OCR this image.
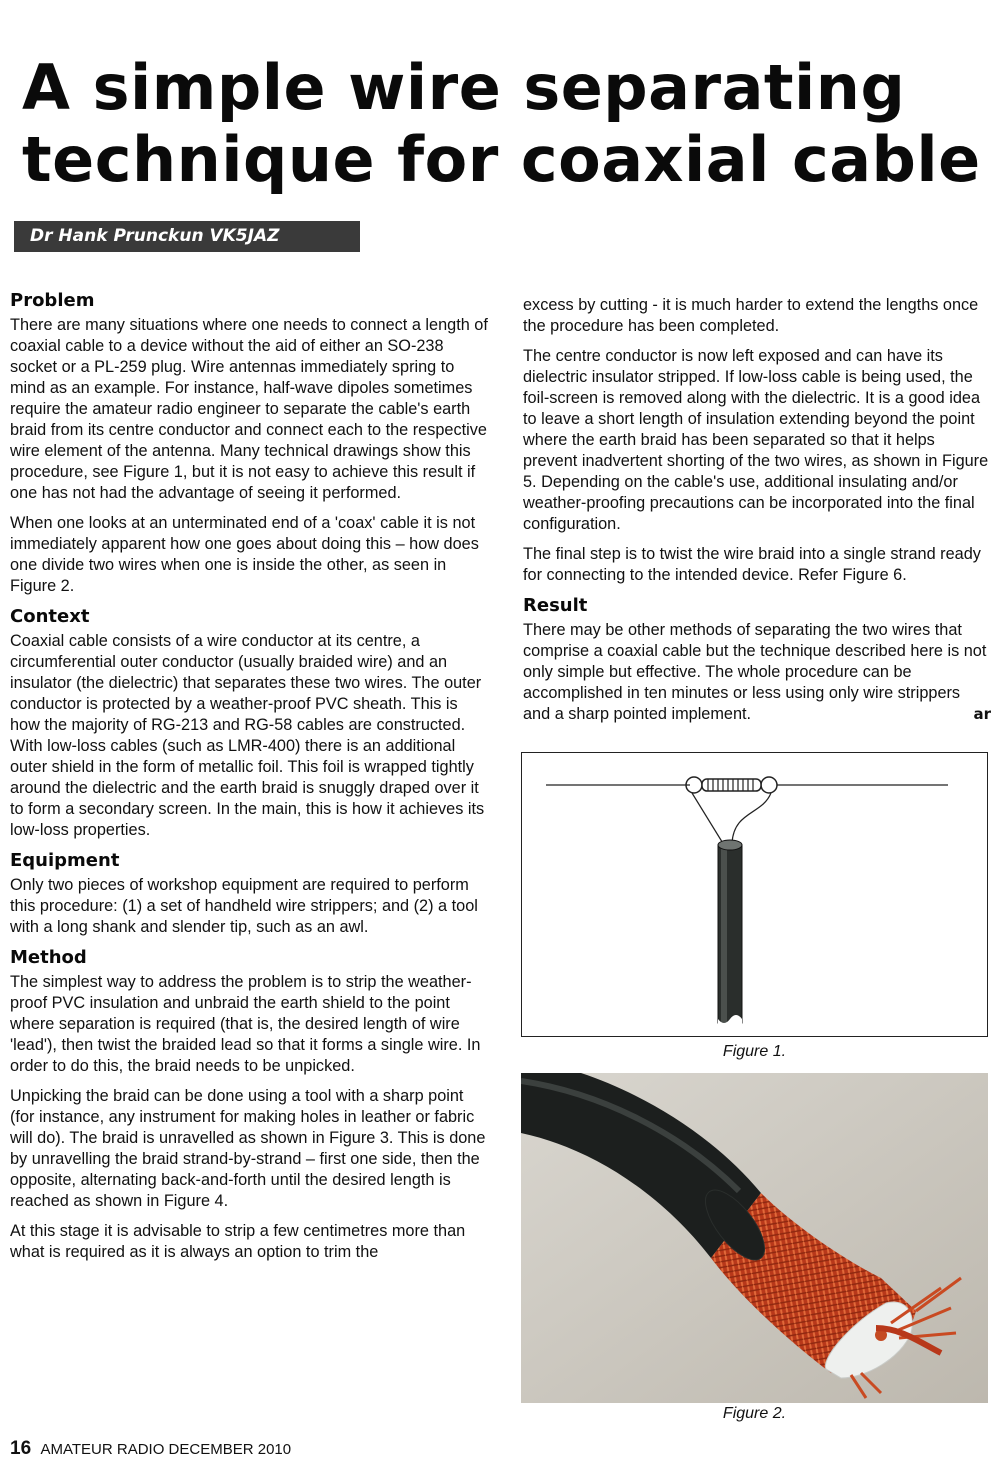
A simple wire separating
technique for coaxial cable
Dr Hank Prunckun VK5JAZ
Problem

There are many situations where one needs to connect a length of coaxial cable to a device without the aid of either an SO-238 socket or a PL-259 plug. Wire antennas immediately spring to mind as an example. For instance, half-wave dipoles sometimes require the amateur radio engineer to separate the cable's earth braid from its centre conductor and connect each to the respective wire element of the antenna. Many technical drawings show this procedure, see Figure 1, but it is not easy to achieve this result if one has not had the advantage of seeing it performed.

When one looks at an unterminated end of a 'coax' cable it is not immediately apparent how one goes about doing this – how does one divide two wires when one is inside the other, as seen in Figure 2.

Context

Coaxial cable consists of a wire conductor at its centre, a circumferential outer conductor (usually braided wire) and an insulator (the dielectric) that separates these two wires. The outer conductor is protected by a weather-proof PVC sheath. This is how the majority of RG-213 and RG-58 cables are constructed. With low-loss cables (such as LMR-400) there is an additional outer shield in the form of metallic foil. This foil is wrapped tightly around the dielectric and the earth braid is snuggly draped over it to form a secondary screen. In the main, this is how it achieves its low-loss properties.

Equipment

Only two pieces of workshop equipment are required to perform this procedure: (1) a set of handheld wire strippers; and (2) a tool with a long shank and slender tip, such as an awl.

Method

The simplest way to address the problem is to strip the weather-proof PVC insulation and unbraid the earth shield to the point where separation is required (that is, the desired length of wire 'lead'), then twist the braided lead so that it forms a single wire. In order to do this, the braid needs to be unpicked.

Unpicking the braid can be done using a tool with a sharp point (for instance, any instrument for making holes in leather or fabric will do). The braid is unravelled as shown in Figure 3. This is done by unravelling the braid strand-by-strand – first one side, then the opposite, alternating back-and-forth until the desired length is reached as shown in Figure 4.

At this stage it is advisable to strip a few centimetres more than what is required as it is always an option to trim the

excess by cutting - it is much harder to extend the lengths once the procedure has been completed.

The centre conductor is now left exposed and can have its dielectric insulator stripped. If low-loss cable is being used, the foil-screen is removed along with the dielectric. It is a good idea to leave a short length of insulation extending beyond the point where the earth braid has been separated so that it helps prevent inadvertent shorting of the two wires, as shown in Figure 5. Depending on the cable's use, additional insulating and/or weather-proofing precautions can be incorporated into the final configuration.

The final step is to twist the wire braid into a single strand ready for connecting to the intended device. Refer Figure 6.

Result

There may be other methods of separating the two wires that comprise a coaxial cable but the technique described here is not only simple but effective. The whole procedure can be accomplished in ten minutes or less using only wire strippers and a sharp pointed implement.	ar

Figure 1.
Figure 2.
16 AMATEUR RADIO DECEMBER 2010
